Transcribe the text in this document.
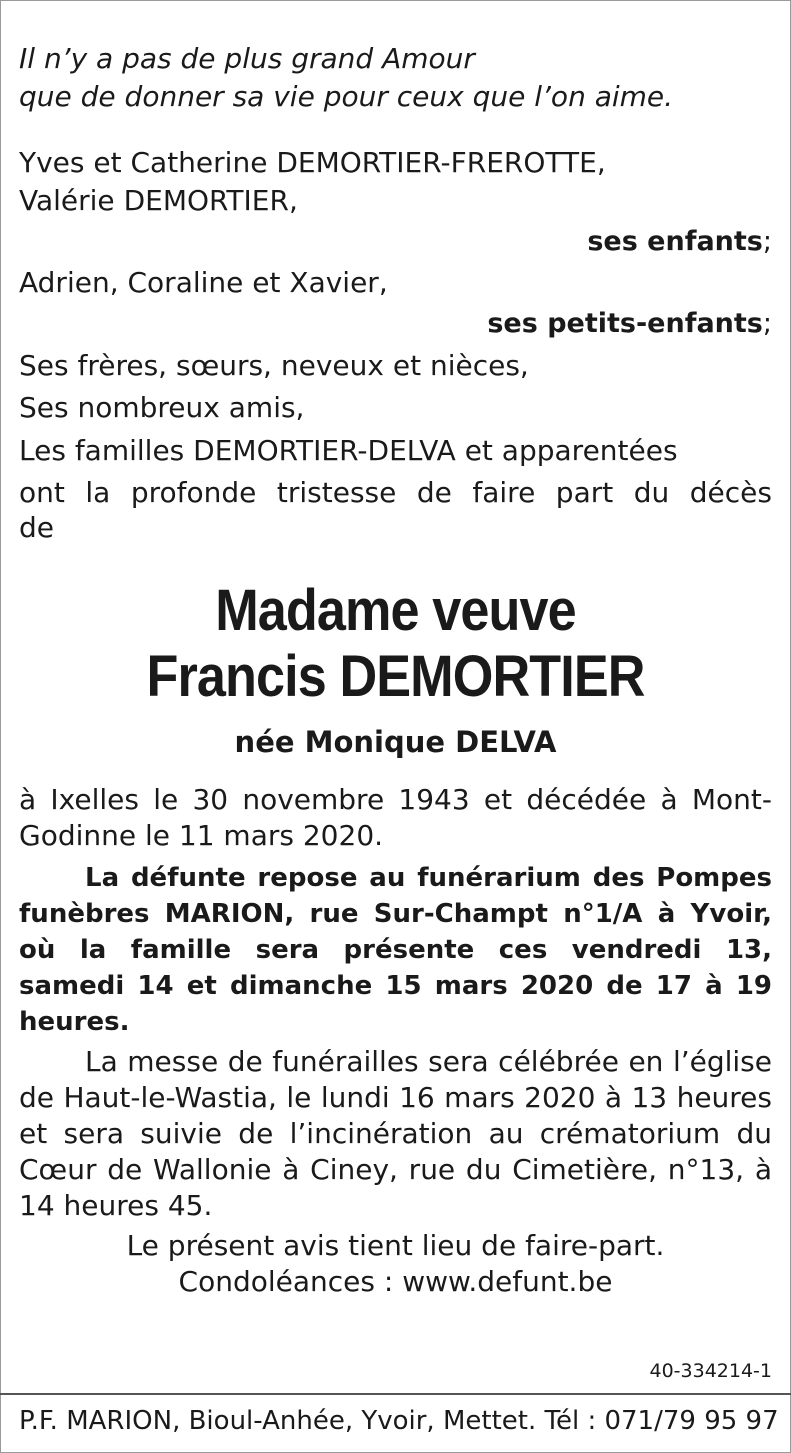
Il n’y a pas de plus grand Amour

que de donner sa vie pour ceux que l’on aime.

Yves et Catherine DEMORTIER-FREROTTE,

Valérie DEMORTIER,

ses enfants;

Adrien, Coraline et Xavier,

ses petits-enfants;

Ses frères, sœurs, neveux et nièces,

Ses nombreux amis,

Les familles DEMORTIER-DELVA et apparentées

ont la profonde tristesse de faire part du décès

de

Madame veuve

Francis DEMORTIER

née Monique DELVA

à Ixelles le 30 novembre 1943 et décédée à Mont-Godinne le 11 mars 2020.

La défunte repose au funérarium des Pompes funèbres MARION, rue Sur-Champt n°1/A à Yvoir, où la famille sera présente ces vendredi 13, samedi 14 et dimanche 15 mars 2020 de 17 à 19 heures.

La messe de funérailles sera célébrée en l’église de Haut-le-Wastia, le lundi 16 mars 2020 à 13 heures et sera suivie de l’incinération au crématorium du Cœur de Wallonie à Ciney, rue du Cimetière, n°13, à 14 heures 45.

Le présent avis tient lieu de faire-part.

Condoléances : www.defunt.be

40-334214-1
P.F. MARION, Bioul-Anhée, Yvoir, Mettet. Tél : 071/79 95 97
